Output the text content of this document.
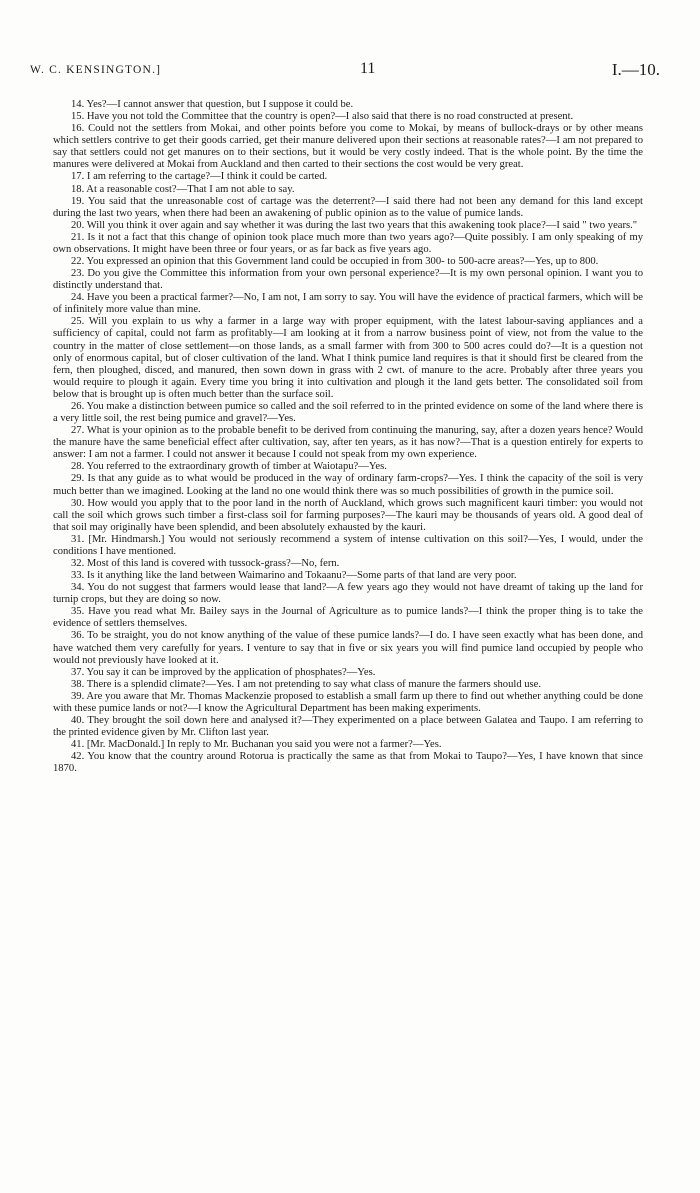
W. C. KENSINGTON.]	11	I.—10.

14. Yes?—I cannot answer that question, but I suppose it could be.

15. Have you not told the Committee that the country is open?—I also said that there is no road constructed at present.

16. Could not the settlers from Mokai, and other points before you come to Mokai, by means of bullock-drays or by other means which settlers contrive to get their goods carried, get their manure delivered upon their sections at reasonable rates?—I am not prepared to say that settlers could not get manures on to their sections, but it would be very costly indeed. That is the whole point. By the time the manures were delivered at Mokai from Auckland and then carted to their sections the cost would be very great.

17. I am referring to the cartage?—I think it could be carted.

18. At a reasonable cost?—That I am not able to say.

19. You said that the unreasonable cost of cartage was the deterrent?—I said there had not been any demand for this land except during the last two years, when there had been an awakening of public opinion as to the value of pumice lands.

20. Will you think it over again and say whether it was during the last two years that this awakening took place?—I said " two years."

21. Is it not a fact that this change of opinion took place much more than two years ago?—Quite possibly. I am only speaking of my own observations. It might have been three or four years, or as far back as five years ago.

22. You expressed an opinion that this Government land could be occupied in from 300- to 500-acre areas?—Yes, up to 800.

23. Do you give the Committee this information from your own personal experience?—It is my own personal opinion. I want you to distinctly understand that.

24. Have you been a practical farmer?—No, I am not, I am sorry to say. You will have the evidence of practical farmers, which will be of infinitely more value than mine.

25. Will you explain to us why a farmer in a large way with proper equipment, with the latest labour-saving appliances and a sufficiency of capital, could not farm as profitably—I am looking at it from a narrow business point of view, not from the value to the country in the matter of close settlement—on those lands, as a small farmer with from 300 to 500 acres could do?—It is a question not only of enormous capital, but of closer cultivation of the land. What I think pumice land requires is that it should first be cleared from the fern, then ploughed, disced, and manured, then sown down in grass with 2 cwt. of manure to the acre. Probably after three years you would require to plough it again. Every time you bring it into cultivation and plough it the land gets better. The consolidated soil from below that is brought up is often much better than the surface soil.

26. You make a distinction between pumice so called and the soil referred to in the printed evidence on some of the land where there is a very little soil, the rest being pumice and gravel?—Yes.

27. What is your opinion as to the probable benefit to be derived from continuing the manuring, say, after a dozen years hence? Would the manure have the same beneficial effect after cultivation, say, after ten years, as it has now?—That is a question entirely for experts to answer: I am not a farmer. I could not answer it because I could not speak from my own experience.

28. You referred to the extraordinary growth of timber at Waiotapu?—Yes.

29. Is that any guide as to what would be produced in the way of ordinary farm-crops?—Yes. I think the capacity of the soil is very much better than we imagined. Looking at the land no one would think there was so much possibilities of growth in the pumice soil.

30. How would you apply that to the poor land in the north of Auckland, which grows such magnificent kauri timber: you would not call the soil which grows such timber a first-class soil for farming purposes?—The kauri may be thousands of years old. A good deal of that soil may originally have been splendid, and been absolutely exhausted by the kauri.

31. [Mr. Hindmarsh.] You would not seriously recommend a system of intense cultivation on this soil?—Yes, I would, under the conditions I have mentioned.

32. Most of this land is covered with tussock-grass?—No, fern.

33. Is it anything like the land between Waimarino and Tokaanu?—Some parts of that land are very poor.

34. You do not suggest that farmers would lease that land?—A few years ago they would not have dreamt of taking up the land for turnip crops, but they are doing so now.

35. Have you read what Mr. Bailey says in the Journal of Agriculture as to pumice lands?—I think the proper thing is to take the evidence of settlers themselves.

36. To be straight, you do not know anything of the value of these pumice lands?—I do. I have seen exactly what has been done, and have watched them very carefully for years. I venture to say that in five or six years you will find pumice land occupied by people who would not previously have looked at it.

37. You say it can be improved by the application of phosphates?—Yes.

38. There is a splendid climate?—Yes. I am not pretending to say what class of manure the farmers should use.

39. Are you aware that Mr. Thomas Mackenzie proposed to establish a small farm up there to find out whether anything could be done with these pumice lands or not?—I know the Agricultural Department has been making experiments.

40. They brought the soil down here and analysed it?—They experimented on a place between Galatea and Taupo. I am referring to the printed evidence given by Mr. Clifton last year.

41. [Mr. MacDonald.] In reply to Mr. Buchanan you said you were not a farmer?—Yes.

42. You know that the country around Rotorua is practically the same as that from Mokai to Taupo?—Yes, I have known that since 1870.
